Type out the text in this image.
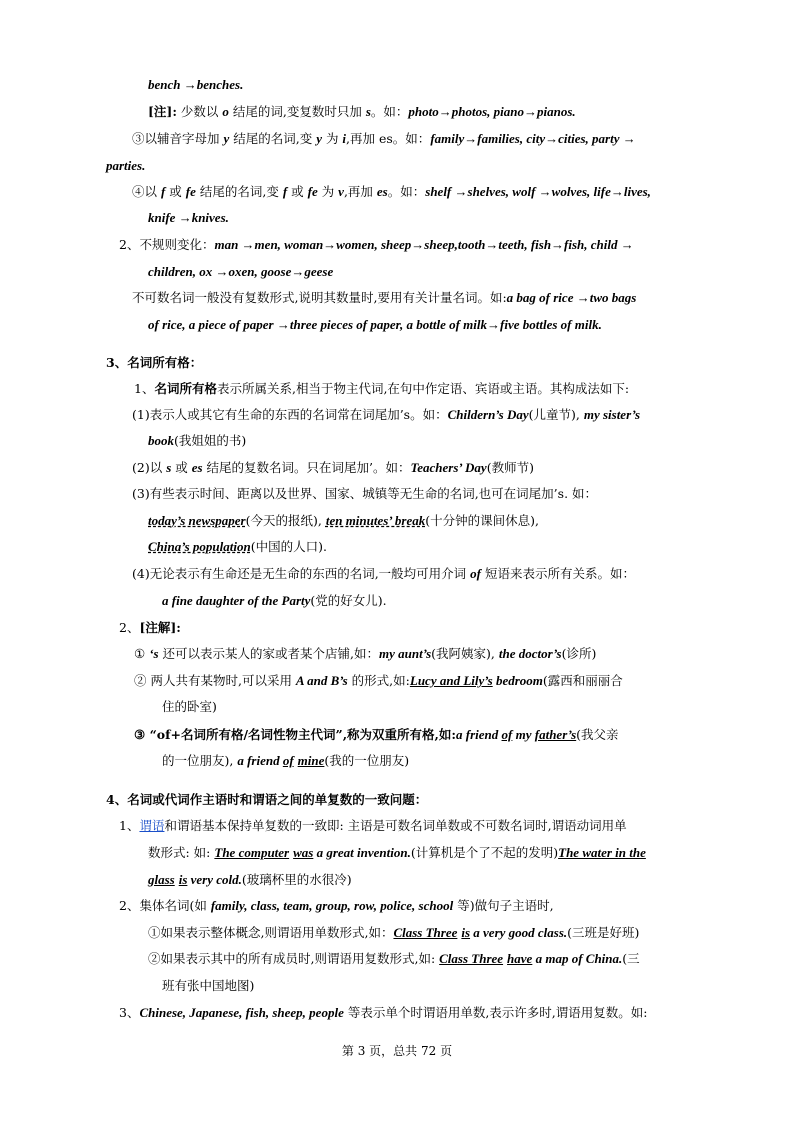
bench →benches.
[注]: 少数以 o 结尾的词,变复数时只加 s。如：photo→photos, piano→pianos.
③以辅音字母加 y 结尾的名词,变 y 为 i,再加 es。如：family→families, city→cities, party →
parties.
④以 f 或 fe 结尾的名词,变 f 或 fe 为 v,再加 es。如：shelf →shelves, wolf →wolves, life→lives,
knife →knives.
2、不规则变化：man →men, woman→women, sheep→sheep,tooth→teeth, fish→fish, child →
children, ox →oxen, goose→geese
不可数名词一般没有复数形式,说明其数量时,要用有关计量名词。如:a bag of rice →two bags
of rice, a piece of paper →three pieces of paper, a bottle of milk→five bottles of milk.
3、名词所有格：
1、名词所有格表示所属关系,相当于物主代词,在句中作定语、宾语或主语。其构成法如下:
(1)表示人或其它有生命的东西的名词常在词尾加’s。如：Childern’s Day(儿童节), my sister’s
book(我姐姐的书)
(2)以 s 或 es 结尾的复数名词。只在词尾加’。如：Teachers’ Day(教师节)
(3)有些表示时间、距离以及世界、国家、城镇等无生命的名词,也可在词尾加’s. 如：
today’s newspaper(今天的报纸), ten minutes’ break(十分钟的课间休息),
China’s population(中国的人口).
(4)无论表示有生命还是无生命的东西的名词,一般均可用介词 of 短语来表示所有关系。如：
a fine daughter of the Party(党的好女儿).
2、[注解]:
① ‘s 还可以表示某人的家或者某个店铺,如：my aunt’s(我阿姨家), the doctor’s(诊所)
② 两人共有某物时,可以采用 A and B’s 的形式,如:Lucy and Lily’s bedroom(露西和丽丽合
住的卧室)
③ “of+名词所有格/名词性物主代词”,称为双重所有格,如:a friend of my father’s(我父亲
的一位朋友), a friend of mine(我的一位朋友)
4、名词或代词作主语时和谓语之间的单复数的一致问题：
1、谓语和谓语基本保持单复数的一致即: 主语是可数名词单数或不可数名词时,谓语动词用单
数形式: 如: The computer was a great invention.(计算机是个了不起的发明)The water in the
glass is very cold.(玻璃杯里的水很冷)
2、集体名词(如 family, class, team, group, row, police, school 等)做句子主语时,
①如果表示整体概念,则谓语用单数形式,如：Class Three is a very good class.(三班是好班)
②如果表示其中的所有成员时,则谓语用复数形式,如: Class Three have a map of China.(三
班有张中国地图)
3、Chinese, Japanese, fish, sheep, people 等表示单个时谓语用单数,表示许多时,谓语用复数。如:
第 3 页，总共 72 页
